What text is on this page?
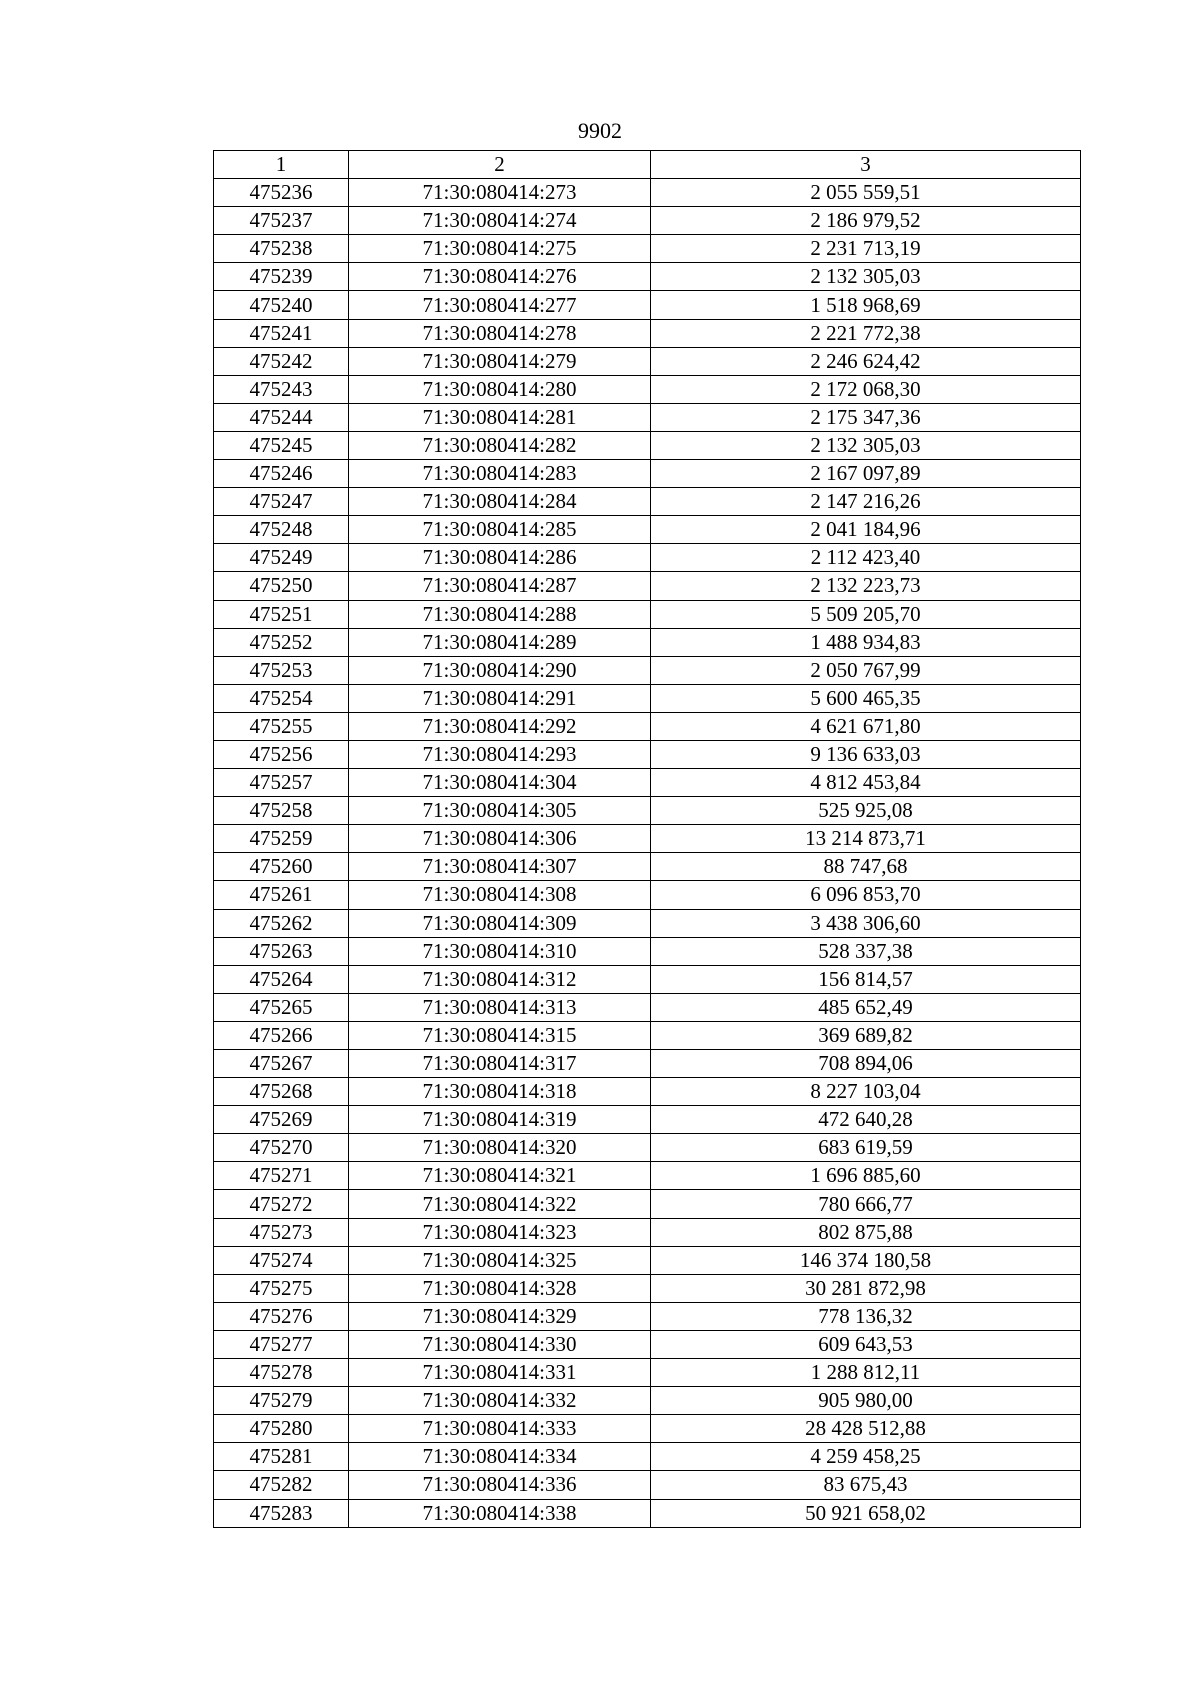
9902
1	2	3
475236	71:30:080414:273	2 055 559,51
475237	71:30:080414:274	2 186 979,52
475238	71:30:080414:275	2 231 713,19
475239	71:30:080414:276	2 132 305,03
475240	71:30:080414:277	1 518 968,69
475241	71:30:080414:278	2 221 772,38
475242	71:30:080414:279	2 246 624,42
475243	71:30:080414:280	2 172 068,30
475244	71:30:080414:281	2 175 347,36
475245	71:30:080414:282	2 132 305,03
475246	71:30:080414:283	2 167 097,89
475247	71:30:080414:284	2 147 216,26
475248	71:30:080414:285	2 041 184,96
475249	71:30:080414:286	2 112 423,40
475250	71:30:080414:287	2 132 223,73
475251	71:30:080414:288	5 509 205,70
475252	71:30:080414:289	1 488 934,83
475253	71:30:080414:290	2 050 767,99
475254	71:30:080414:291	5 600 465,35
475255	71:30:080414:292	4 621 671,80
475256	71:30:080414:293	9 136 633,03
475257	71:30:080414:304	4 812 453,84
475258	71:30:080414:305	525 925,08
475259	71:30:080414:306	13 214 873,71
475260	71:30:080414:307	88 747,68
475261	71:30:080414:308	6 096 853,70
475262	71:30:080414:309	3 438 306,60
475263	71:30:080414:310	528 337,38
475264	71:30:080414:312	156 814,57
475265	71:30:080414:313	485 652,49
475266	71:30:080414:315	369 689,82
475267	71:30:080414:317	708 894,06
475268	71:30:080414:318	8 227 103,04
475269	71:30:080414:319	472 640,28
475270	71:30:080414:320	683 619,59
475271	71:30:080414:321	1 696 885,60
475272	71:30:080414:322	780 666,77
475273	71:30:080414:323	802 875,88
475274	71:30:080414:325	146 374 180,58
475275	71:30:080414:328	30 281 872,98
475276	71:30:080414:329	778 136,32
475277	71:30:080414:330	609 643,53
475278	71:30:080414:331	1 288 812,11
475279	71:30:080414:332	905 980,00
475280	71:30:080414:333	28 428 512,88
475281	71:30:080414:334	4 259 458,25
475282	71:30:080414:336	83 675,43
475283	71:30:080414:338	50 921 658,02
